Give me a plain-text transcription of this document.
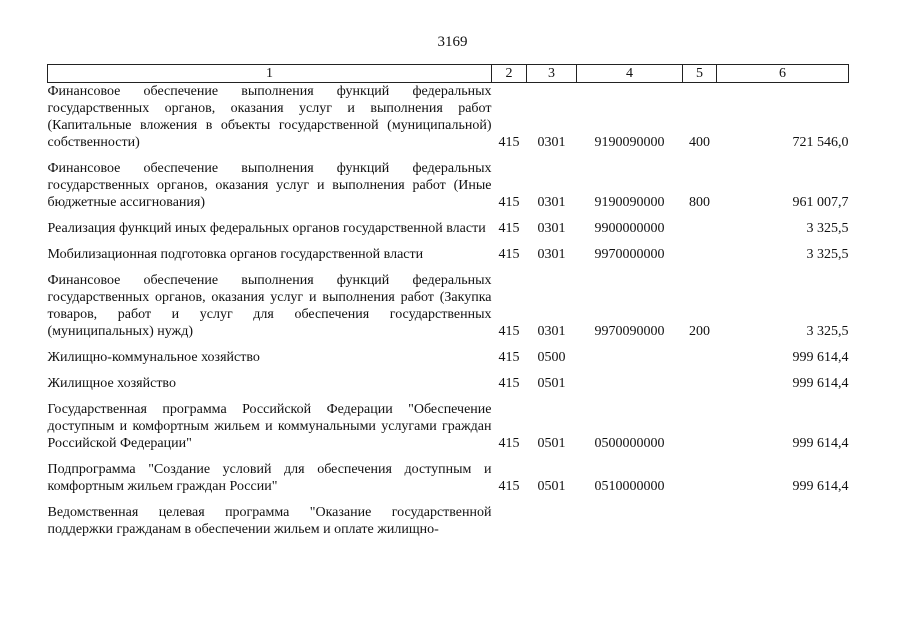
3169
1	2	3	4	5	6
Финансовое обеспечение выполнения функций федеральных государственных органов, оказания услуг и выполнения работ (Капитальные вложения в объекты государственной (муниципальной) собственности)	415	0301	9190090000	400	721 546,0

Финансовое обеспечение выполнения функций федеральных государственных органов, оказания услуг и выполнения работ (Иные бюджетные ассигнования)	415	0301	9190090000	800	961 007,7

Реализация функций иных федеральных органов государственной власти	415	0301	9900000000		3 325,5

Мобилизационная подготовка органов государственной власти	415	0301	9970000000		3 325,5

Финансовое обеспечение выполнения функций федеральных государственных органов, оказания услуг и выполнения работ (Закупка товаров, работ и услуг для обеспечения государственных (муниципальных) нужд)	415	0301	9970090000	200	3 325,5

Жилищно-коммунальное хозяйство	415	0500			999 614,4

Жилищное хозяйство	415	0501			999 614,4

Государственная программа Российской Федерации "Обеспечение доступным и комфортным жильем и коммунальными услугами граждан Российской Федерации"	415	0501	0500000000		999 614,4

Подпрограмма "Создание условий для обеспечения доступным и комфортным жильем граждан России"	415	0501	0510000000		999 614,4

Ведомственная целевая программа "Оказание государственной поддержки гражданам в обеспечении жильем и оплате жилищно-					
